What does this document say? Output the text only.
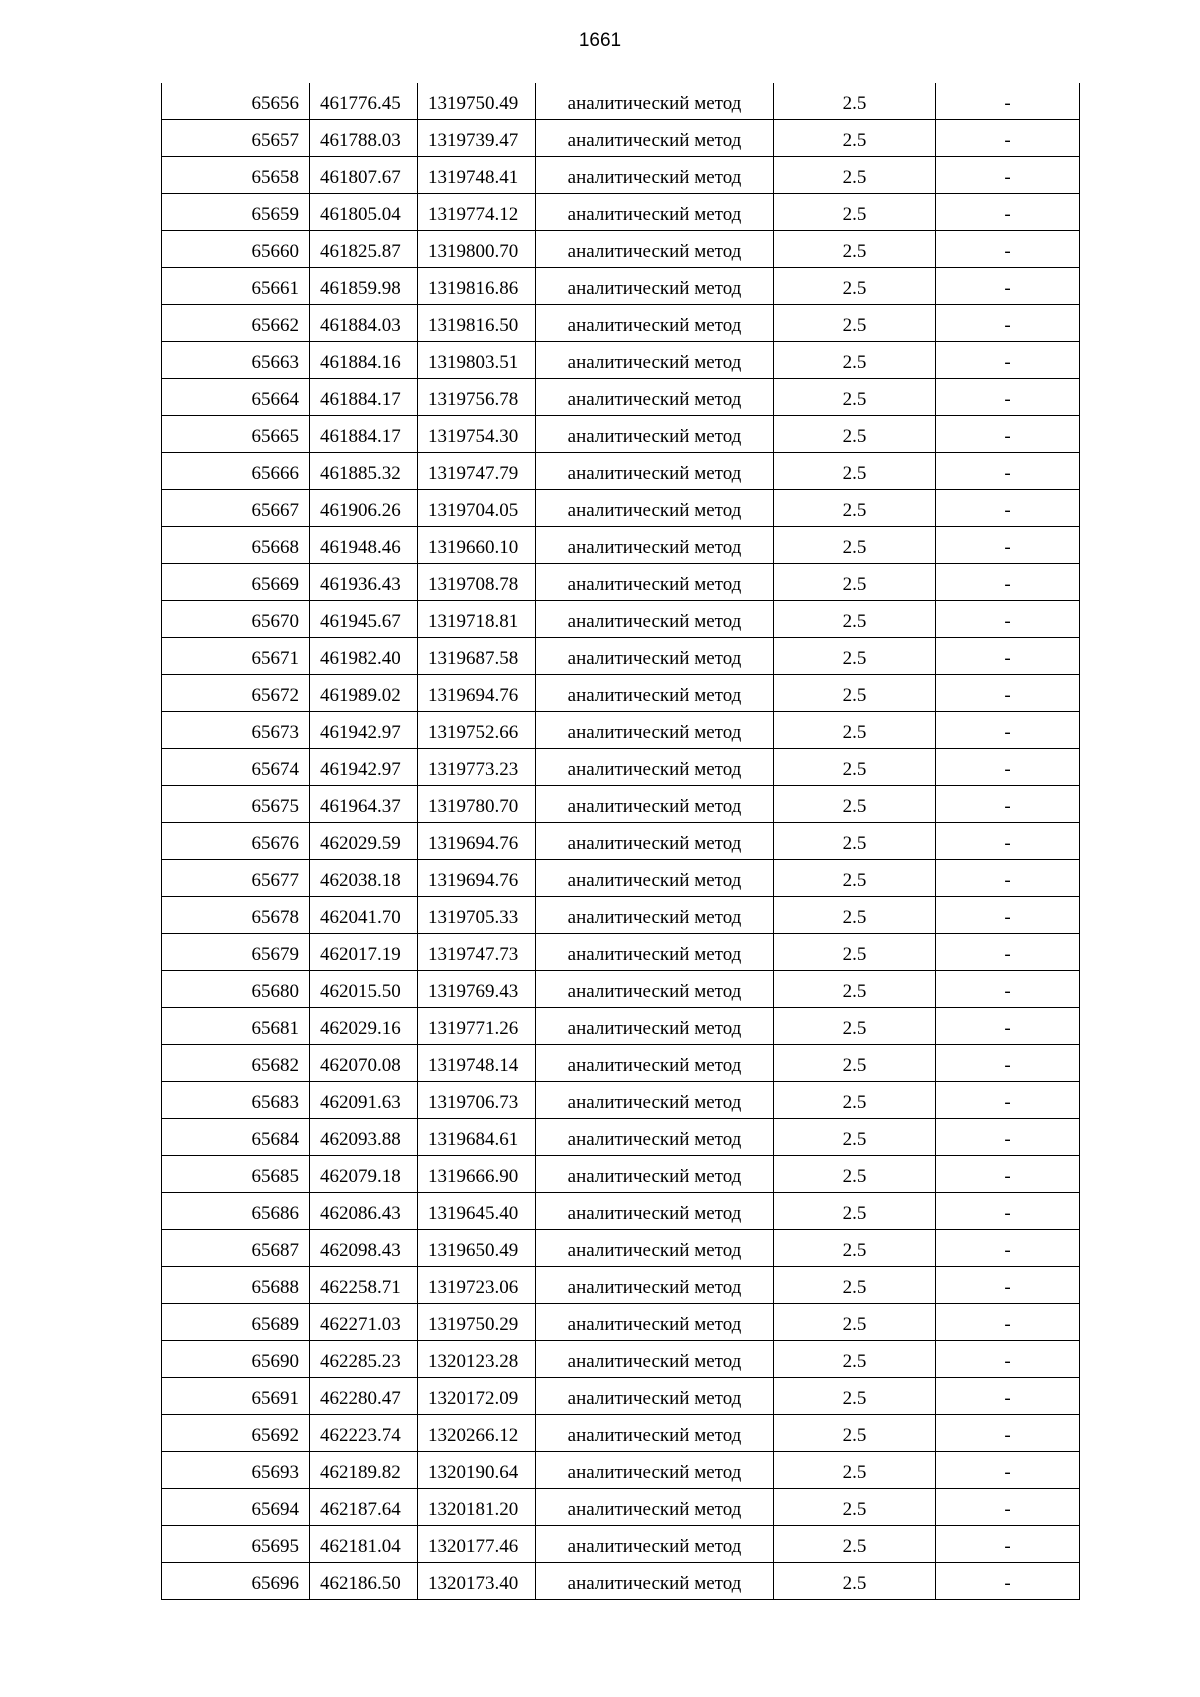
1661
65656	461776.45	1319750.49	аналитический метод	2.5	-
65657	461788.03	1319739.47	аналитический метод	2.5	-
65658	461807.67	1319748.41	аналитический метод	2.5	-
65659	461805.04	1319774.12	аналитический метод	2.5	-
65660	461825.87	1319800.70	аналитический метод	2.5	-
65661	461859.98	1319816.86	аналитический метод	2.5	-
65662	461884.03	1319816.50	аналитический метод	2.5	-
65663	461884.16	1319803.51	аналитический метод	2.5	-
65664	461884.17	1319756.78	аналитический метод	2.5	-
65665	461884.17	1319754.30	аналитический метод	2.5	-
65666	461885.32	1319747.79	аналитический метод	2.5	-
65667	461906.26	1319704.05	аналитический метод	2.5	-
65668	461948.46	1319660.10	аналитический метод	2.5	-
65669	461936.43	1319708.78	аналитический метод	2.5	-
65670	461945.67	1319718.81	аналитический метод	2.5	-
65671	461982.40	1319687.58	аналитический метод	2.5	-
65672	461989.02	1319694.76	аналитический метод	2.5	-
65673	461942.97	1319752.66	аналитический метод	2.5	-
65674	461942.97	1319773.23	аналитический метод	2.5	-
65675	461964.37	1319780.70	аналитический метод	2.5	-
65676	462029.59	1319694.76	аналитический метод	2.5	-
65677	462038.18	1319694.76	аналитический метод	2.5	-
65678	462041.70	1319705.33	аналитический метод	2.5	-
65679	462017.19	1319747.73	аналитический метод	2.5	-
65680	462015.50	1319769.43	аналитический метод	2.5	-
65681	462029.16	1319771.26	аналитический метод	2.5	-
65682	462070.08	1319748.14	аналитический метод	2.5	-
65683	462091.63	1319706.73	аналитический метод	2.5	-
65684	462093.88	1319684.61	аналитический метод	2.5	-
65685	462079.18	1319666.90	аналитический метод	2.5	-
65686	462086.43	1319645.40	аналитический метод	2.5	-
65687	462098.43	1319650.49	аналитический метод	2.5	-
65688	462258.71	1319723.06	аналитический метод	2.5	-
65689	462271.03	1319750.29	аналитический метод	2.5	-
65690	462285.23	1320123.28	аналитический метод	2.5	-
65691	462280.47	1320172.09	аналитический метод	2.5	-
65692	462223.74	1320266.12	аналитический метод	2.5	-
65693	462189.82	1320190.64	аналитический метод	2.5	-
65694	462187.64	1320181.20	аналитический метод	2.5	-
65695	462181.04	1320177.46	аналитический метод	2.5	-
65696	462186.50	1320173.40	аналитический метод	2.5	-
